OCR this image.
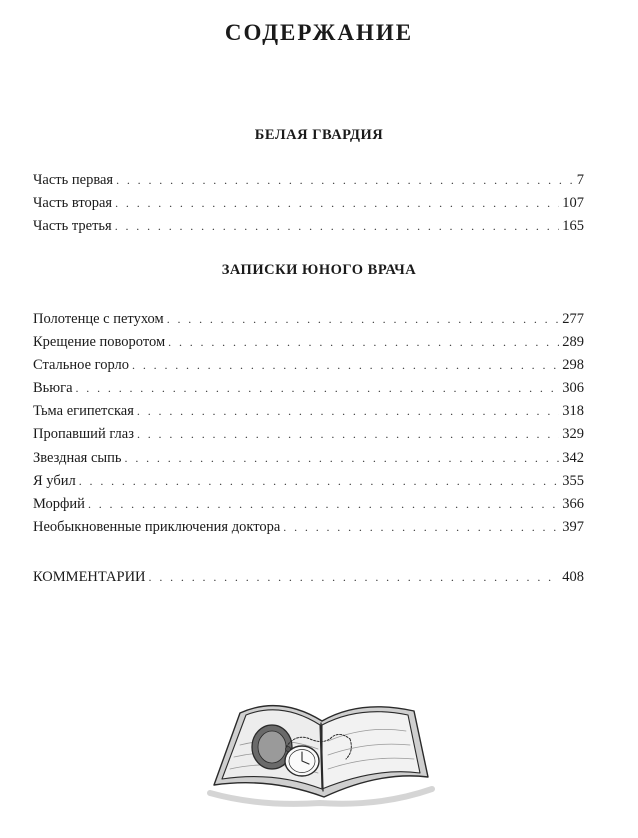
СОДЕРЖАНИЕ
БЕЛАЯ ГВАРДИЯ
Часть первая . . .	7
Часть вторая . . .	107
Часть третья . . .	165
ЗАПИСКИ ЮНОГО ВРАЧА
Полотенце с петухом . . .	277
Крещение поворотом . . .	289
Стальное горло . . .	298
Вьюга . . .	306
Тьма египетская . . .	318
Пропавший глаз . . .	329
Звездная сыпь . . .	342
Я убил . . .	355
Морфий . . .	366
Необыкновенные приключения доктора . . .	397
КОММЕНТАРИИ . . .	408
